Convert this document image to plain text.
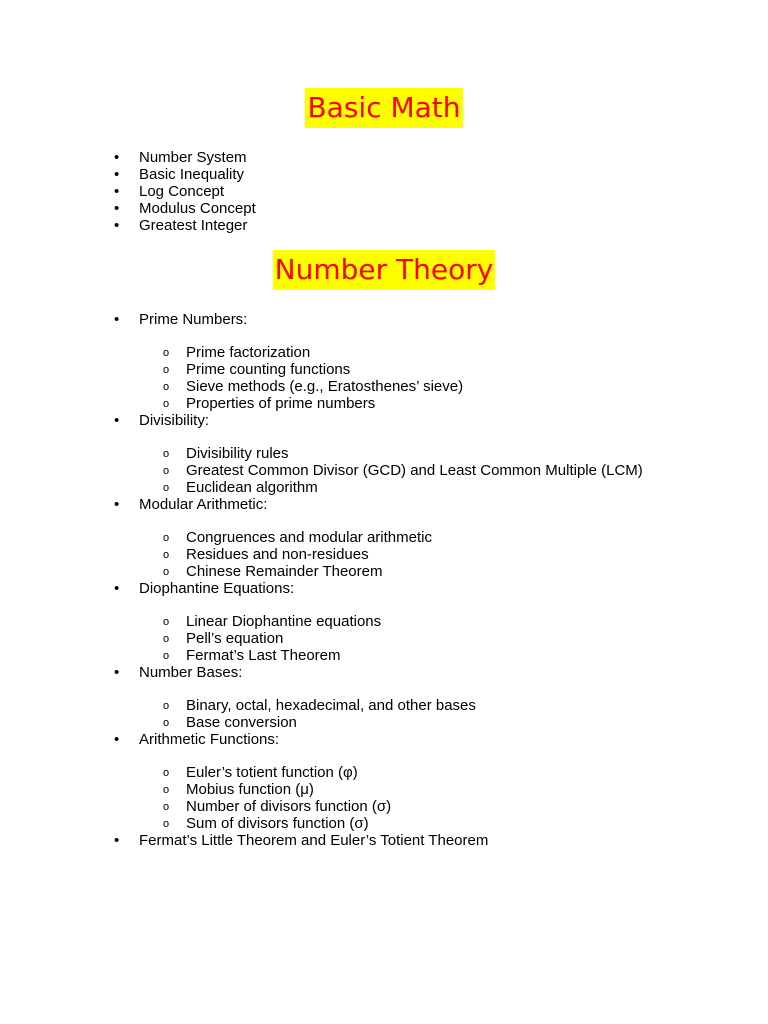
Basic Math
• Number System
• Basic Inequality
• Log Concept
• Modulus Concept
• Greatest Integer
Number Theory
• Prime Numbers:
o Prime factorization
o Prime counting functions
o Sieve methods (e.g., Eratosthenes’ sieve)
o Properties of prime numbers
• Divisibility:
o Divisibility rules
o Greatest Common Divisor (GCD) and Least Common Multiple (LCM)
o Euclidean algorithm
• Modular Arithmetic:
o Congruences and modular arithmetic
o Residues and non-residues
o Chinese Remainder Theorem
• Diophantine Equations:
o Linear Diophantine equations
o Pell’s equation
o Fermat’s Last Theorem
• Number Bases:
o Binary, octal, hexadecimal, and other bases
o Base conversion
• Arithmetic Functions:
o Euler’s totient function (φ)
o Mobius function (μ)
o Number of divisors function (σ)
o Sum of divisors function (σ)
• Fermat’s Little Theorem and Euler’s Totient Theorem
